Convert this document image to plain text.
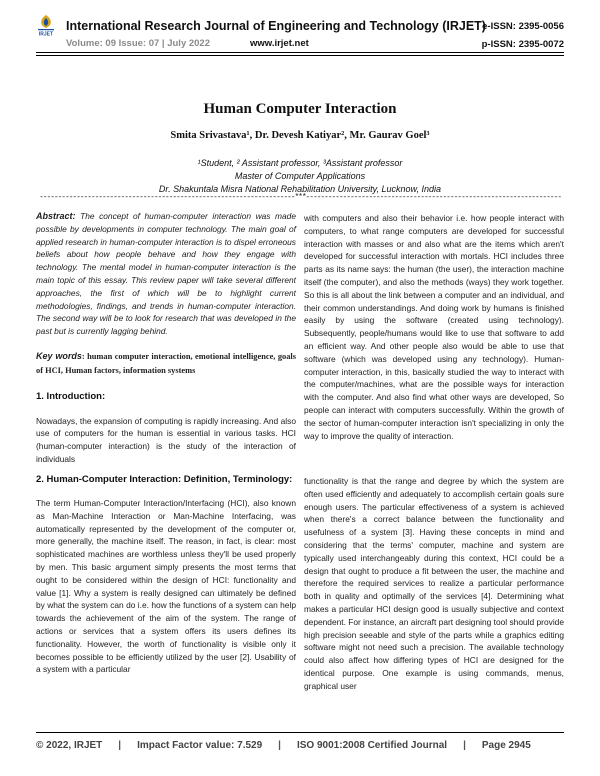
IRJET
International Research Journal of Engineering and Technology (IRJET)
Volume: 09 Issue: 07 | July 2022	www.irjet.net
e-ISSN: 2395-0056
p-ISSN: 2395-0072
Human Computer Interaction
Smita Srivastava¹, Dr. Devesh Katiyar², Mr. Gaurav Goel³
¹Student, ² Assistant professor, ³Assistant professor
Master of Computer Applications
Dr. Shakuntala Misra National Rehabilitation University, Lucknow, India
---------------------------------------------------------------------***---------------------------------------------------------------------

Abstract: The concept of human-computer interaction was made possible by developments in computer technology. The main goal of applied research in human-computer interaction is to dispel erroneous beliefs about how people behave and how they engage with technology. The mental model in human-computer interaction is the main topic of this essay. This review paper will take several different approaches, the first of which will be to highlight current methodologies, findings, and trends in human-computer interaction. The second way will be to look for research that was developed in the past but is currently lagging behind.

Key words: human computer interaction, emotional intelligence, goals of HCI, Human factors, information systems

1. Introduction:

Nowadays, the expansion of computing is rapidly increasing. And also use of computers for the human is essential in various tasks. HCI (human-computer interaction) is the study of the interaction of individuals

with computers and also their behavior i.e. how people interact with computers, to what range computers are developed for successful interaction with masses or and also what are the items which aren't developed for successful interaction with mortals. HCI includes three parts as its name says: the human (the user), the interaction machine itself (the computer), and also the methods (ways) they work together. So this is all about the link between a computer and an individual, and their common understandings. And doing work by humans is finished easily by using the software (created using technology). Subsequently, people/humans would like to use that software to add an efficient way. And other people also would be able to use that software (which was developed using any technology). Human-computer interaction, in this, basically studied the way to interact with the computer/machines, what are the possible ways for interaction with the computer. And also find what other ways are developed, So people can interact with computers successfully. Within the growth of the sector of human-computer interaction isn't specializing in only the way to improve the quality of interaction.

2. Human-Computer Interaction: Definition, Terminology:

The term Human-Computer Interaction/Interfacing (HCI), also known as Man-Machine Interaction or Man-Machine Interfacing, was automatically represented by the development of the computer or, more generally, the machine itself. The reason, in fact, is clear: most sophisticated machines are worthless unless they'll be used properly by men. This basic argument simply presents the most terms that ought to be considered within the design of HCI: functionality and value [1]. Why a system is really designed can ultimately be defined by what the system can do i.e. how the functions of a system can help towards the achievement of the aim of the system. The range of actions or services that a system offers its users defines its functionality. However, the worth of functionality is visible only it becomes possible to be efficiently utilized by the user [2]. Usability of a system with a particular

functionality is that the range and degree by which the system are often used efficiently and adequately to accomplish certain goals sure enough users. The particular effectiveness of a system is achieved when there's a correct balance between the functionality and usefulness of a system [3]. Having these concepts in mind and considering that the terms' computer, machine and system are typically used interchangeably during this context, HCI could be a design that ought to produce a fit between the user, the machine and therefore the required services to realize a particular performance both in quality and optimally of the services [4]. Determining what makes a particular HCI design good is usually subjective and context dependent. For instance, an aircraft part designing tool should provide high precision seeable and style of the parts while a graphics editing software might not need such a precision. The available technology could also affect how differing types of HCI are designed for the identical purpose. One example is using commands, menus, graphical user

© 2022, IRJET | Impact Factor value: 7.529 | ISO 9001:2008 Certified Journal | Page 2945
